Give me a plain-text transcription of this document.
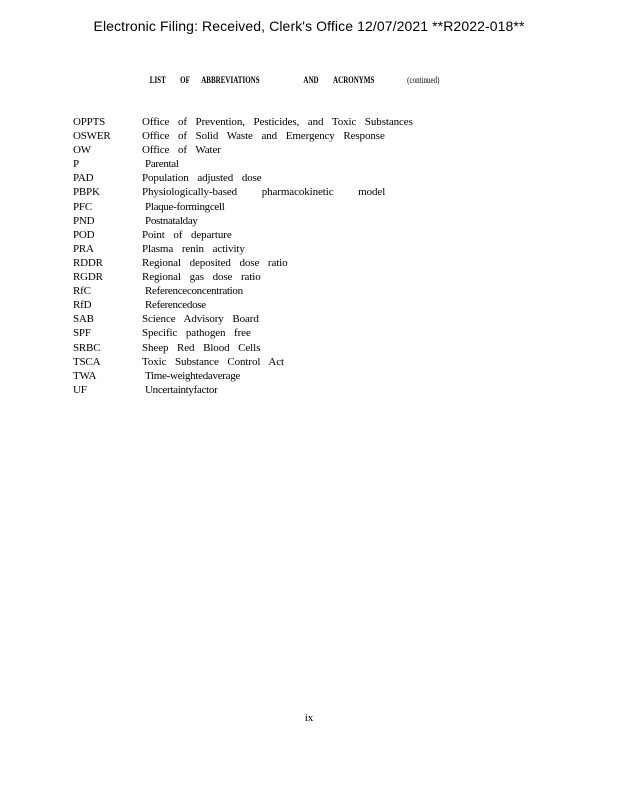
Electronic Filing: Received, Clerk's Office 12/07/2021 **R2022-018**
LIST OF ABBREVIATIONS	AND ACRONYMS	(continued)
OPPTS	Office of Prevention, Pesticides, and Toxic Substances
OSWER	Office of Solid Waste and Emergency Response
OW	Office of Water
P	Parental
PAD	Population adjusted dose
PBPK	Physiologically-based pharmacokinetic model
PFC	Plaque-formingcell
PND	Postnatalday
POD	Point of departure
PRA	Plasma renin activity
RDDR	Regional deposited dose ratio
RGDR	Regional gas dose ratio
RfC	Referenceconcentration
RfD	Referencedose
SAB	Science Advisory Board
SPF	Specific pathogen free
SRBC	Sheep Red Blood Cells
TSCA	Toxic Substance Control Act
TWA	Time-weightedaverage
UF	Uncertaintyfactor
ix
